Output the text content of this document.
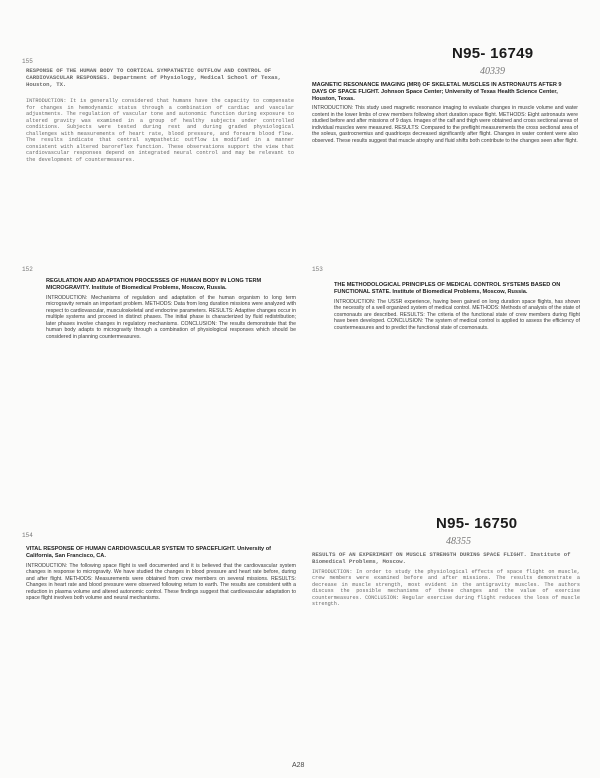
155	N95- 16749
40339

RESPONSE OF THE HUMAN BODY TO CORTICAL SYMPATHETIC OUTFLOW AND CONTROL OF CARDIOVASCULAR RESPONSES. Department of Physiology, Medical School of Texas, Houston, TX.

INTRODUCTION: It is generally considered that humans have the capacity to compensate for changes in hemodynamic status through a combination of cardiac and vascular adjustments. The regulation of vascular tone and autonomic function during exposure to altered gravity was examined in a group of healthy subjects under controlled conditions. Subjects were tested during rest and during graded physiological challenges with measurements of heart rate, blood pressure, and forearm blood flow. The results indicate that central sympathetic outflow is modified in a manner consistent with altered baroreflex function. These observations support the view that cardiovascular responses depend on integrated neural control and may be relevant to the development of countermeasures.

MAGNETIC RESONANCE IMAGING (MRI) OF SKELETAL MUSCLES IN ASTRONAUTS AFTER 9 DAYS OF SPACE FLIGHT. Johnson Space Center; University of Texas Health Science Center, Houston, Texas.

INTRODUCTION: This study used magnetic resonance imaging to evaluate changes in muscle volume and water content in the lower limbs of crew members following short duration space flight. METHODS: Eight astronauts were studied before and after missions of 9 days. Images of the calf and thigh were obtained and cross sectional areas of individual muscles were measured. RESULTS: Compared to the preflight measurements the cross sectional area of the soleus, gastrocnemius and quadriceps decreased significantly after flight. Changes in water content were also observed. These results suggest that muscle atrophy and fluid shifts both contribute to the changes seen after flight.

152

REGULATION AND ADAPTATION PROCESSES OF HUMAN BODY IN LONG TERM MICROGRAVITY. Institute of Biomedical Problems, Moscow, Russia.

INTRODUCTION: Mechanisms of regulation and adaptation of the human organism to long term microgravity remain an important problem. METHODS: Data from long duration missions were analyzed with respect to cardiovascular, musculoskeletal and endocrine parameters. RESULTS: Adaptive changes occur in multiple systems and proceed in distinct phases. The initial phase is characterized by fluid redistribution; later phases involve changes in regulatory mechanisms. CONCLUSION: The results demonstrate that the human body adapts to microgravity through a combination of physiological responses which should be considered in planning countermeasures.

153

THE METHODOLOGICAL PRINCIPLES OF MEDICAL CONTROL SYSTEMS BASED ON FUNCTIONAL STATE. Institute of Biomedical Problems, Moscow, Russia.

INTRODUCTION: The USSR experience, having been gained on long duration space flights, has shown the necessity of a well organized system of medical control. METHODS: Methods of analysis of the state of cosmonauts are described. RESULTS: The criteria of the functional state of crew members during flight have been developed. CONCLUSION: The system of medical control is applied to assess the efficiency of countermeasures and to predict the functional state of cosmonauts.

154

VITAL RESPONSE OF HUMAN CARDIOVASCULAR SYSTEM TO SPACEFLIGHT. University of California, San Francisco, CA.

INTRODUCTION: The following space flight is well documented and it is believed that the cardiovascular system changes in response to microgravity. We have studied the changes in blood pressure and heart rate before, during and after flight. METHODS: Measurements were obtained from crew members on several missions. RESULTS: Changes in heart rate and blood pressure were observed following return to earth. The results are consistent with a reduction in plasma volume and altered autonomic control. These findings suggest that cardiovascular adaptation to space flight involves both volume and neural mechanisms.

N95- 16750
48355

RESULTS OF AN EXPERIMENT ON MUSCLE STRENGTH DURING SPACE FLIGHT. Institute of Biomedical Problems, Moscow.

INTRODUCTION: In order to study the physiological effects of space flight on muscle, crew members were examined before and after missions. The results demonstrate a decrease in muscle strength, most evident in the antigravity muscles. The authors discuss the possible mechanisms of these changes and the value of exercise countermeasures. CONCLUSION: Regular exercise during flight reduces the loss of muscle strength.

A28
